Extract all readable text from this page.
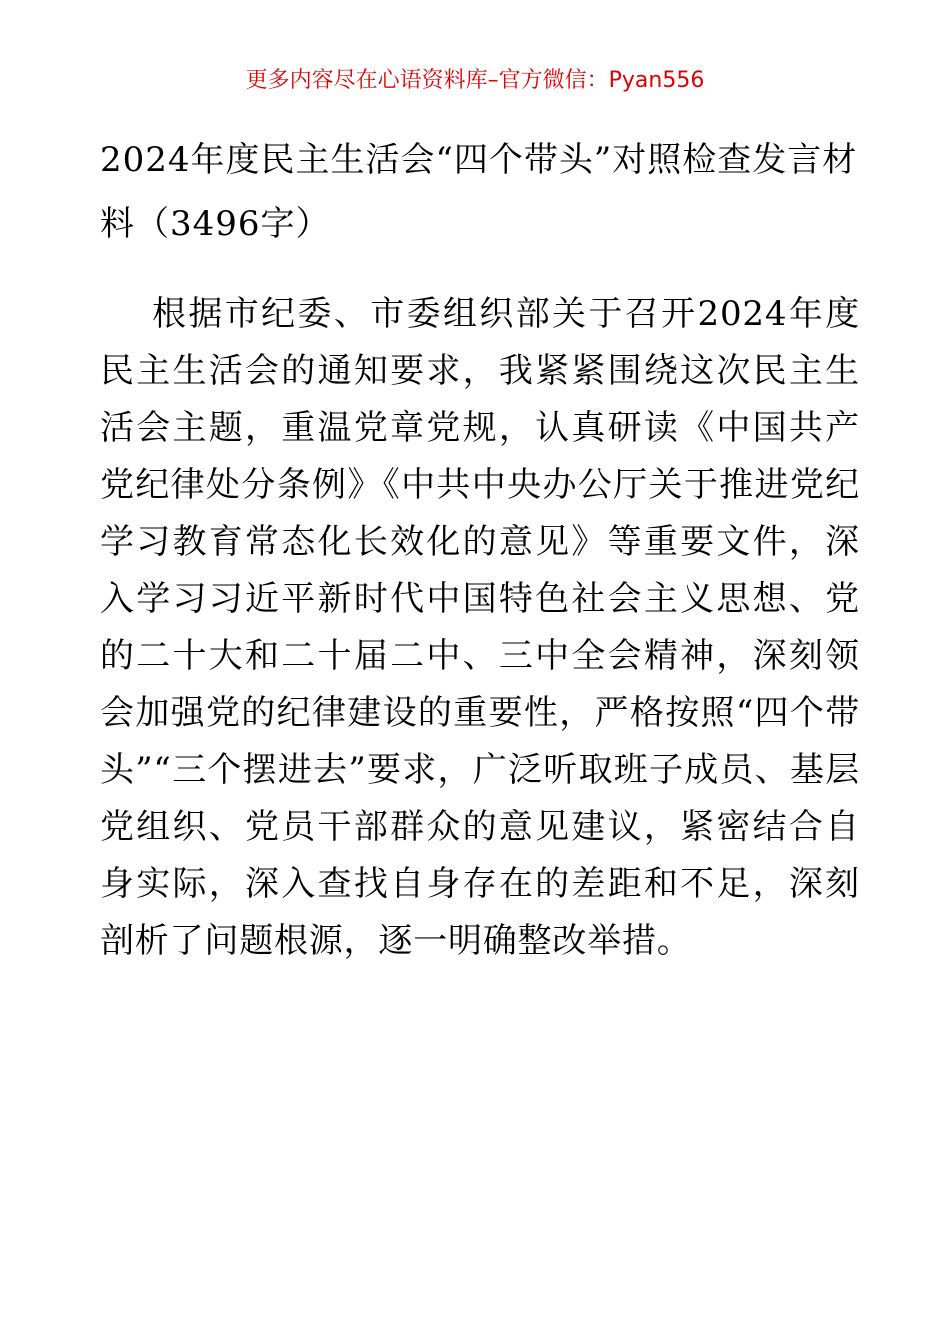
更多内容尽在心语资料库–官方微信：Pyan556
2024年度民主生活会“四个带头”对照检查发言材料（3496字）
根据市纪委、市委组织部关于召开2024年度民主生活会的通知要求，我紧紧围绕这次民主生活会主题，重温党章党规，认真研读《中国共产党纪律处分条例》《中共中央办公厅关于推进党纪学习教育常态化长效化的意见》等重要文件，深入学习习近平新时代中国特色社会主义思想、党的二十大和二十届二中、三中全会精神，深刻领会加强党的纪律建设的重要性，严格按照“四个带头”“三个摆进去”要求，广泛听取班子成员、基层党组织、党员干部群众的意见建议，紧密结合自身实际，深入查找自身存在的差距和不足，深刻剖析了问题根源，逐一明确整改举措。
